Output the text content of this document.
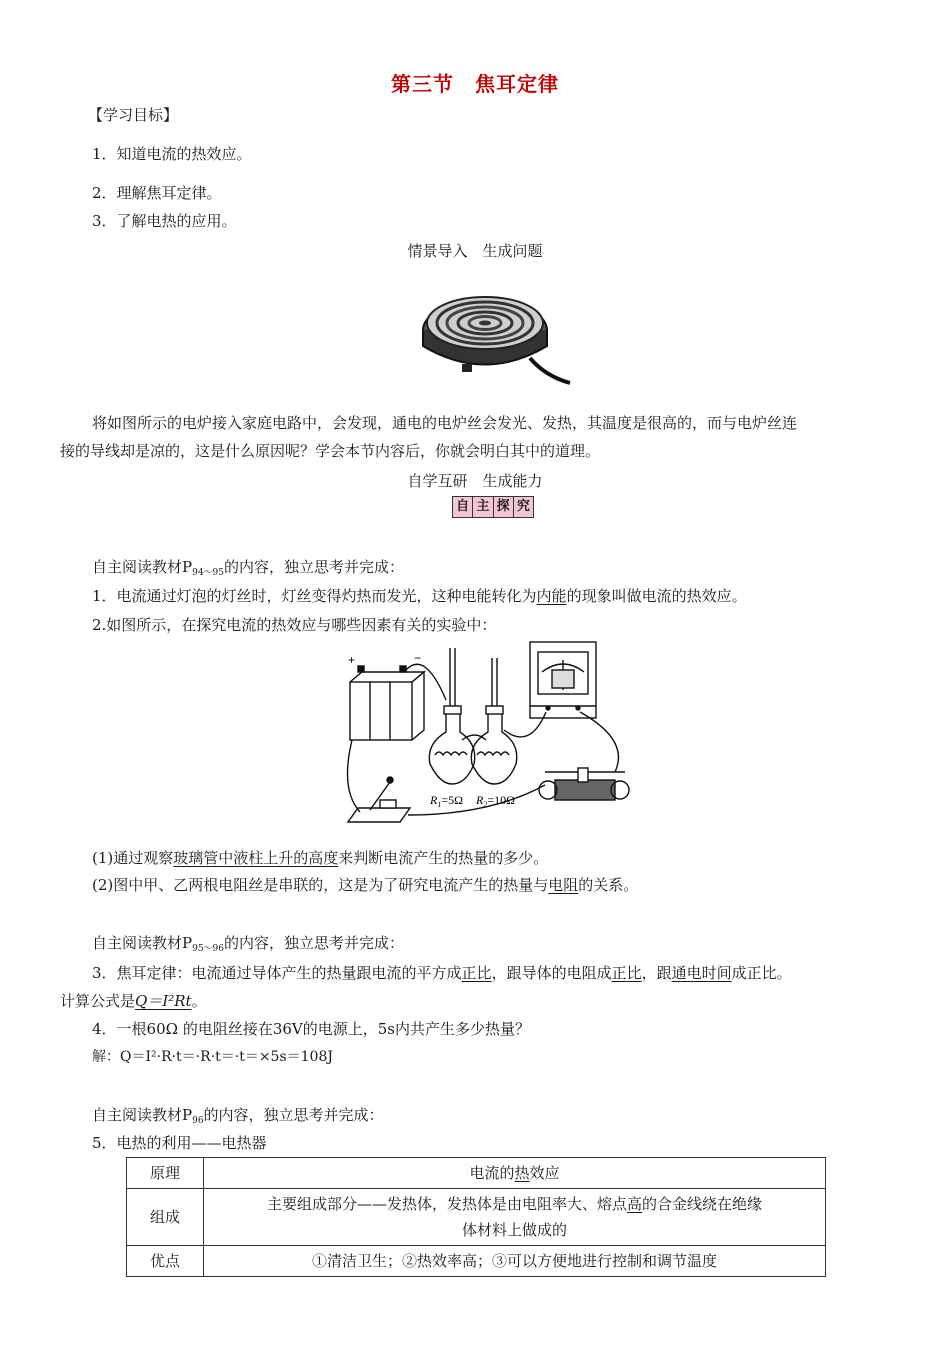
第三节　焦耳定律
【学习目标】
1．知道电流的热效应。
2．理解焦耳定律。
3．了解电热的应用。
情景导入　生成问题
将如图所示的电炉接入家庭电路中，会发现，通电的电炉丝会发光、发热，其温度是很高的，而与电炉丝连
接的导线却是凉的，这是什么原因呢？学会本节内容后，你就会明白其中的道理。
自学互研　生成能力
自 主 探 究
自主阅读教材$P_{94\sim 95}$的内容，独立思考并完成：
1．电流通过灯泡的灯丝时，灯丝变得灼热而发光，这种电能转化为内能的现象叫做电流的热效应。
2.如图所示，在探究电流的热效应与哪些因素有关的实验中：
+	−
$R_1=5\Omega$ $R_2=10\Omega$
(1)通过观察玻璃管中液柱上升的高度来判断电流产生的热量的多少。
(2)图中甲、乙两根电阻丝是串联的，这是为了研究电流产生的热量与电阻的关系。
自主阅读教材$P_{95\sim 96}$的内容，独立思考并完成：
3．焦耳定律：电流通过导体产生的热量跟电流的平方成正比，跟导体的电阻成正比，跟通电时间成正比。
计算公式是Q＝I²Rt。
4．一根60Ω 的电阻丝接在36V的电源上，5s内共产生多少热量？
解：Q＝I²·R·t＝·R·t＝·t＝×5s＝108J
自主阅读教材$P_{96}$的内容，独立思考并完成：
5．电热的利用——电热器
原理	电流的热效应
组成	主要组成部分——发热体，发热体是由电阻率大、熔点高的合金线绕在绝缘体材料上做成的
优点	①清洁卫生；②热效率高；③可以方便地进行控制和调节温度
